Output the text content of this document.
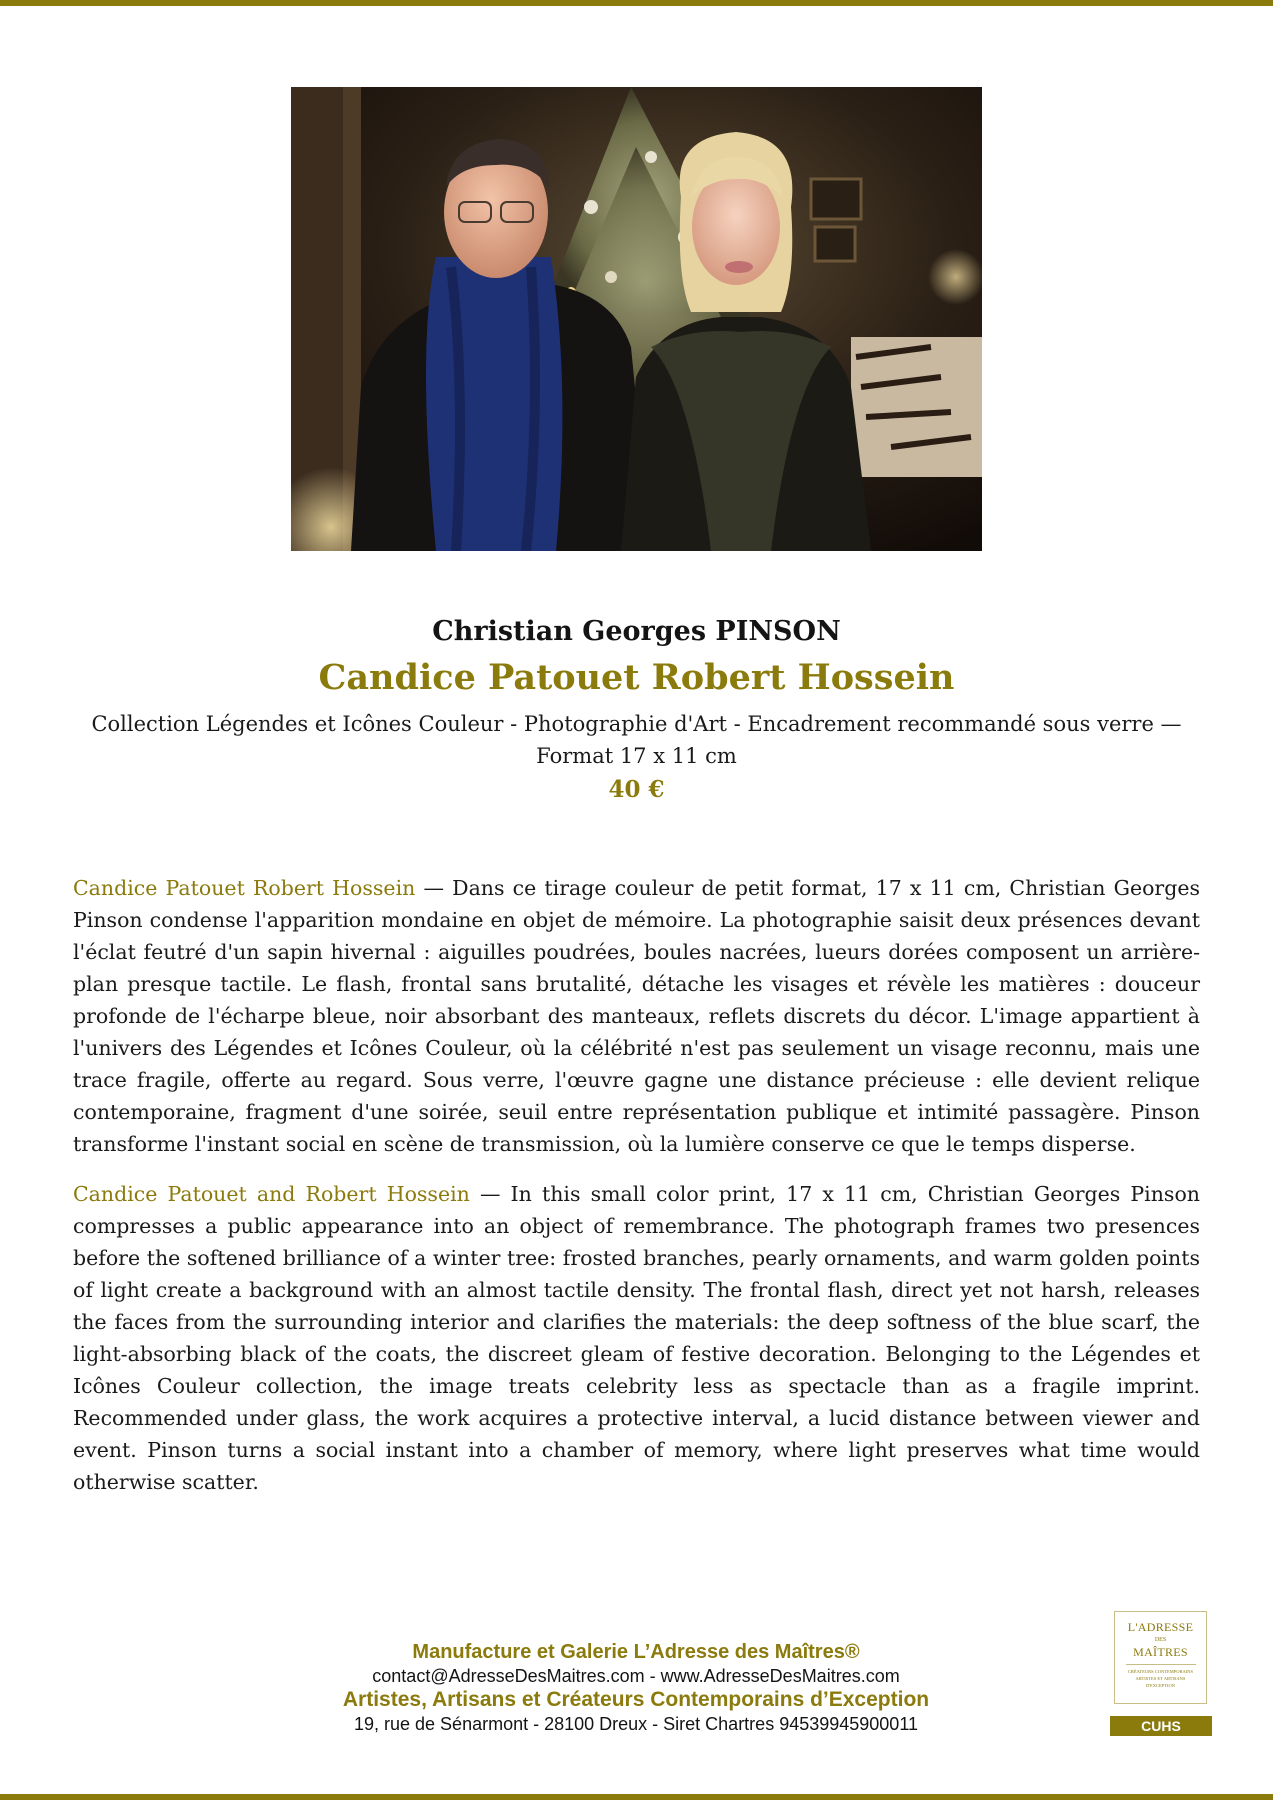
Christian Georges PINSON
Candice Patouet Robert Hossein
Collection Légendes et Icônes Couleur - Photographie d'Art - Encadrement recommandé sous verre — Format 17 x 11 cm
40 €

Candice Patouet Robert Hossein — Dans ce tirage couleur de petit format, 17 x 11 cm, Christian Georges Pinson condense l'apparition mondaine en objet de mémoire. La photographie saisit deux présences devant l'éclat feutré d'un sapin hivernal : aiguilles poudrées, boules nacrées, lueurs dorées composent un arrière-plan presque tactile. Le flash, frontal sans brutalité, détache les visages et révèle les matières : douceur profonde de l'écharpe bleue, noir absorbant des manteaux, reflets discrets du décor. L'image appartient à l'univers des Légendes et Icônes Couleur, où la célébrité n'est pas seulement un visage reconnu, mais une trace fragile, offerte au regard. Sous verre, l'œuvre gagne une distance précieuse : elle devient relique contemporaine, fragment d'une soirée, seuil entre représentation publique et intimité passagère. Pinson transforme l'instant social en scène de transmission, où la lumière conserve ce que le temps disperse.

Candice Patouet and Robert Hossein — In this small color print, 17 x 11 cm, Christian Georges Pinson compresses a public appearance into an object of remembrance. The photograph frames two presences before the softened brilliance of a winter tree: frosted branches, pearly ornaments, and warm golden points of light create a background with an almost tactile density. The frontal flash, direct yet not harsh, releases the faces from the surrounding interior and clarifies the materials: the deep softness of the blue scarf, the light-absorbing black of the coats, the discreet gleam of festive decoration. Belonging to the Légendes et Icônes Couleur collection, the image treats celebrity less as spectacle than as a fragile imprint. Recommended under glass, the work acquires a protective interval, a lucid distance between viewer and event. Pinson turns a social instant into a chamber of memory, where light preserves what time would otherwise scatter.

Manufacture et Galerie L’Adresse des Maîtres®
contact@AdresseDesMaitres.com - www.AdresseDesMaitres.com
Artistes, Artisans et Créateurs Contemporains d’Exception
19, rue de Sénarmont - 28100 Dreux - Siret Chartres 94539945900011
L'ADRESSE
DES
MAÎTRES
CRÉATEURS CONTEMPORAINS ARTISTES ET ARTISANS D'EXCEPTION
CUHS
